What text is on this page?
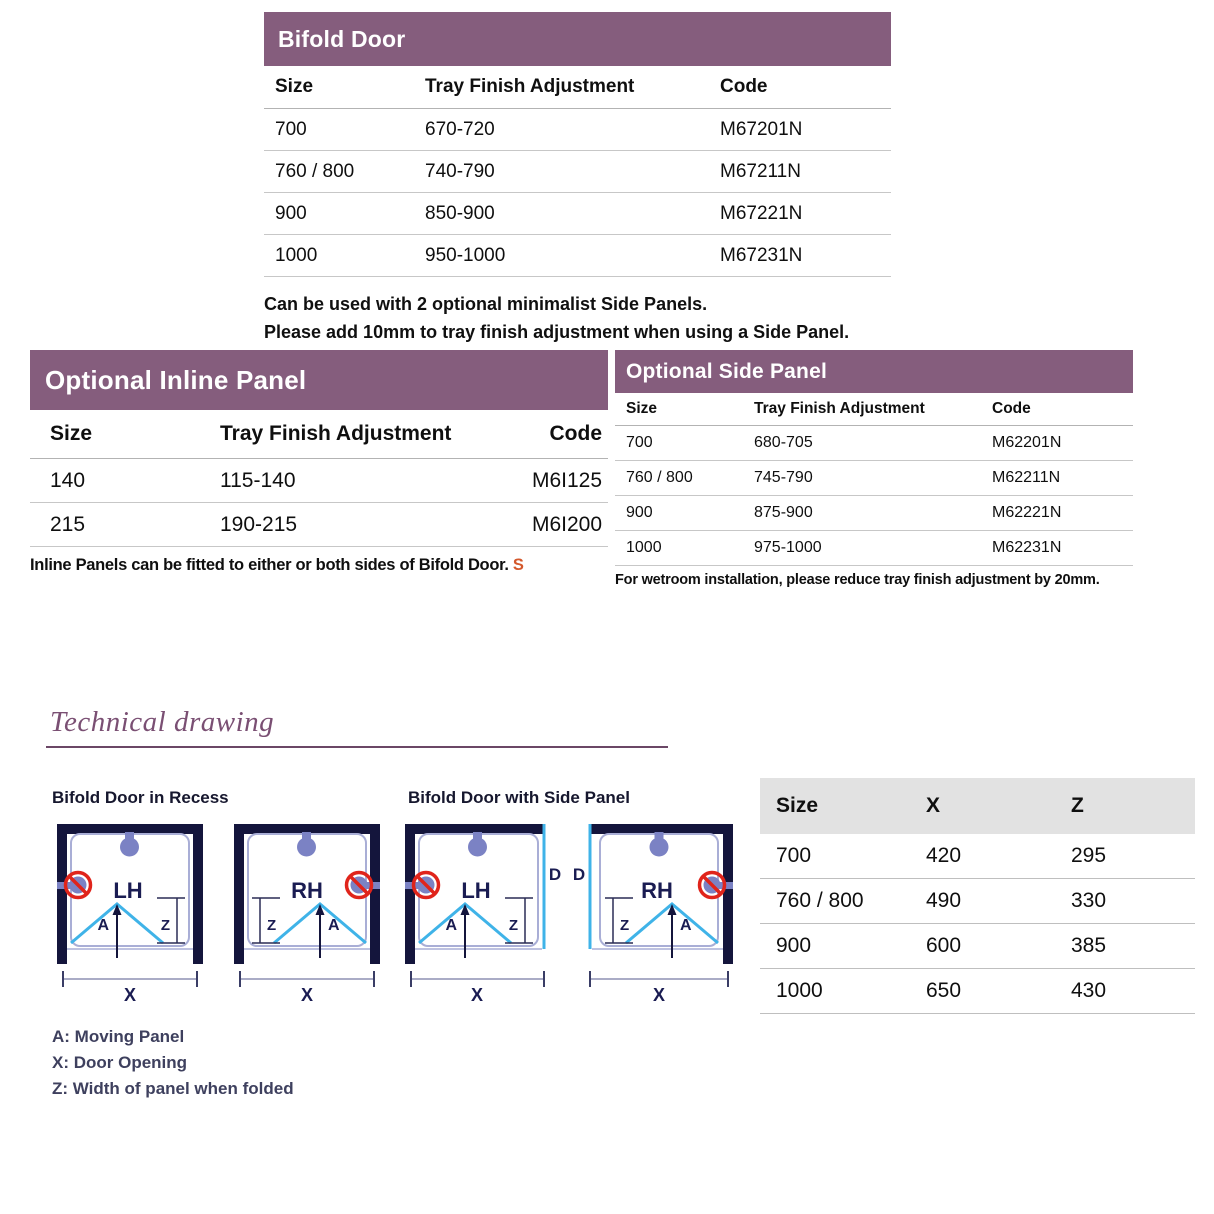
Bifold Door
Size	Tray Finish Adjustment	Code
700	670-720	M67201N
760 / 800	740-790	M67211N
900	850-900	M67221N
1000	950-1000	M67231N
Can be used with 2 optional minimalist Side Panels.
Please add 10mm to tray finish adjustment when using a Side Panel.
Optional Inline Panel
Size	Tray Finish Adjustment	Code
140	115-140	M6I125
215	190-215	M6I200
Inline Panels can be fitted to either or both sides of Bifold Door. S
Optional Side Panel
Size	Tray Finish Adjustment	Code
700	680-705	M62201N
760 / 800	745-790	M62211N
900	875-900	M62221N
1000	975-1000	M62231N
For wetroom installation, please reduce tray finish adjustment by 20mm.
Technical drawing
Bifold Door in Recess	Bifold Door with Side Panel
LH
Z
A
X
RH
Z	A
X
LH
D
Z
A
X
RH
D
Z	A
X
A: Moving Panel
X: Door Opening
Z: Width of panel when folded
Size	X	Z
700	420	295
760 / 800	490	330
900	600	385
1000	650	430
